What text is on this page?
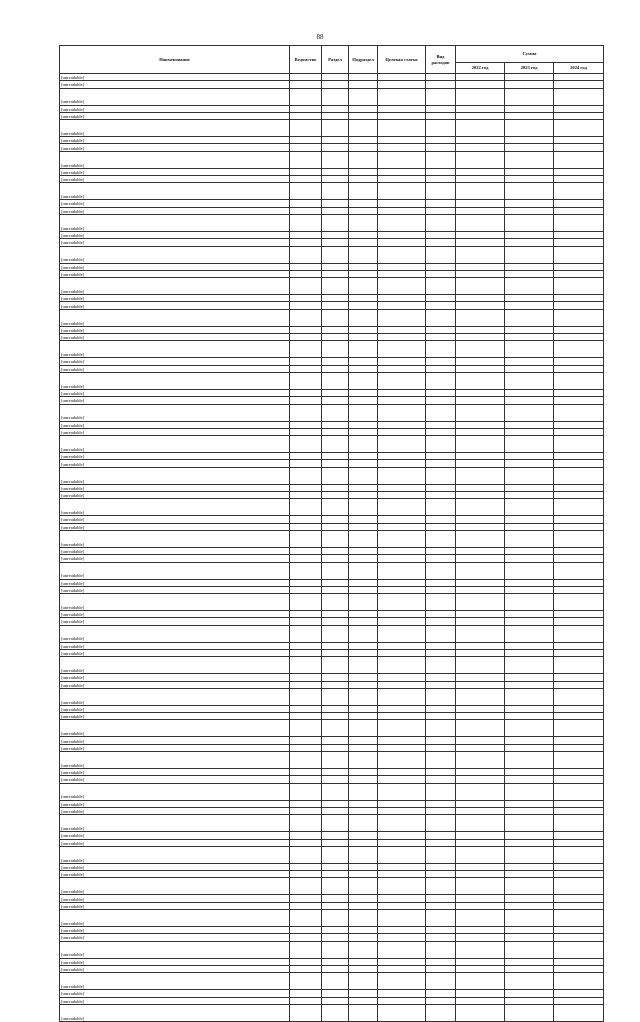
88
Наименование	Ведомство	Раздел	Подраздел	Целевая статья	Вид расходов	Сумма		
						2022 год	2023 год	2024 год
[unreadable]								
[unreadable]								
[unreadable]								
[unreadable]								
[unreadable]								
[unreadable]								
[unreadable]								
[unreadable]								
[unreadable]								
[unreadable]								
[unreadable]								
[unreadable]								
[unreadable]								
[unreadable]								
[unreadable]								
[unreadable]								
[unreadable]								
[unreadable]								
[unreadable]								
[unreadable]								
[unreadable]								
[unreadable]								
[unreadable]								
[unreadable]								
[unreadable]								
[unreadable]								
[unreadable]								
[unreadable]								
[unreadable]								
[unreadable]								
[unreadable]								
[unreadable]								
[unreadable]								
[unreadable]								
[unreadable]								
[unreadable]								
[unreadable]								
[unreadable]								
[unreadable]								
[unreadable]								
[unreadable]								
[unreadable]								
[unreadable]								
[unreadable]								
[unreadable]								
[unreadable]								
[unreadable]								
[unreadable]								
[unreadable]								
[unreadable]								
[unreadable]								
[unreadable]								
[unreadable]								
[unreadable]								
[unreadable]								
[unreadable]								
[unreadable]								
[unreadable]								
[unreadable]								
[unreadable]								
[unreadable]								
[unreadable]								
[unreadable]								
[unreadable]								
[unreadable]								
[unreadable]								
[unreadable]								
[unreadable]								
[unreadable]								
[unreadable]								
[unreadable]								
[unreadable]								
[unreadable]								
[unreadable]								
[unreadable]								
[unreadable]								
[unreadable]								
[unreadable]								
[unreadable]								
[unreadable]								
[unreadable]								
[unreadable]								
[unreadable]								
[unreadable]								
[unreadable]								
[unreadable]								
[unreadable]								
[unreadable]								
[unreadable]								
[unreadable]								
